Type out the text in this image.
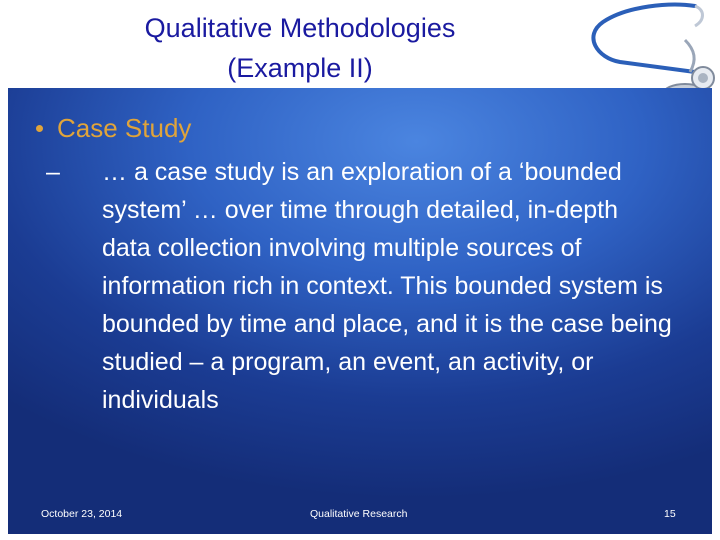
Qualitative Methodologies
(Example II)
Case Study
– … a case study is an exploration of a ‘bounded system’ … over time through detailed, in-depth data collection involving multiple sources of information rich in context. This bounded system is bounded by time and place, and it is the case being studied – a program, an event, an activity, or individuals
October 23, 2014	Qualitative Research	15
